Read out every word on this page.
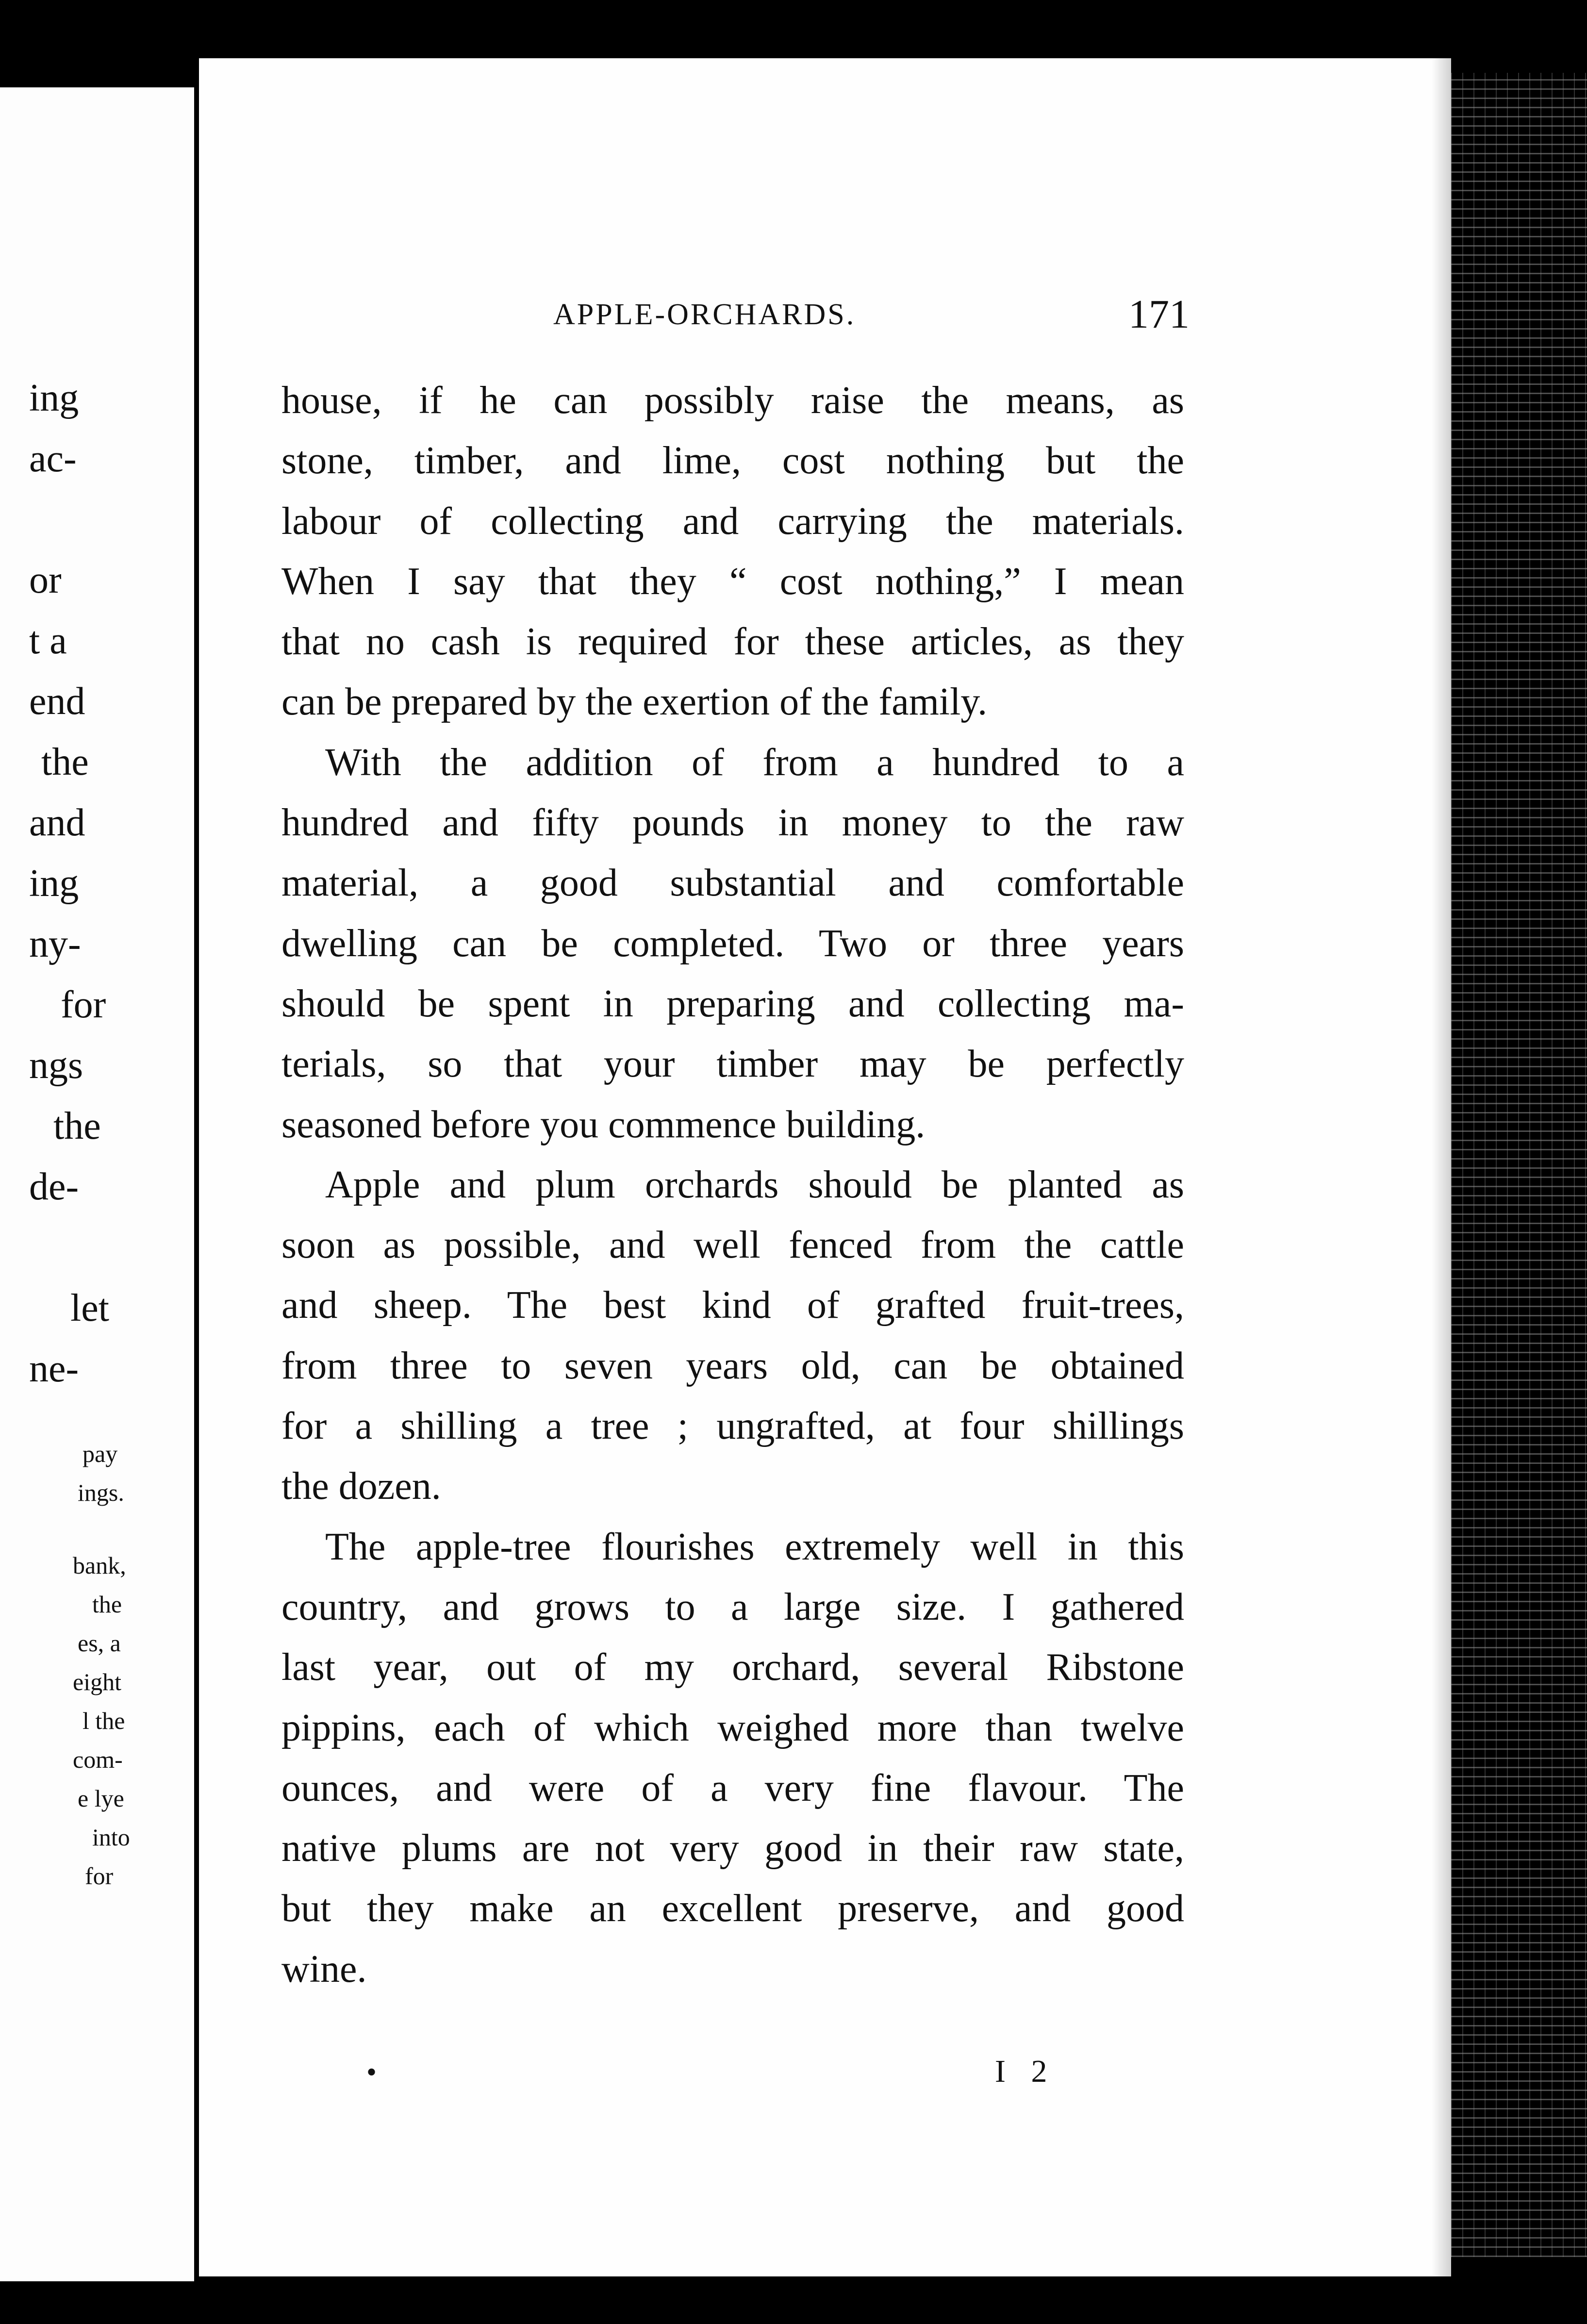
ing

ac-

or

t a

end

the

and

ing

ny-

for

ngs

the

de-

let

ne-

pay

ings.

bank,

the

es, a

eight

l the

com-

e lye

into

for

APPLE-ORCHARDS.	171

house, if he can possibly raise the means, as
stone, timber, and lime, cost nothing but the
labour of collecting and carrying the materials.
When I say that they “ cost nothing,” I mean
that no cash is required for these articles, as they
can be prepared by the exertion of the family.

With the addition of from a hundred to a
hundred and fifty pounds in money to the raw
material, a good substantial and comfortable
dwelling can be completed. Two or three years
should be spent in preparing and collecting ma-
terials, so that your timber may be perfectly
seasoned before you commence building.

Apple and plum orchards should be planted as
soon as possible, and well fenced from the cattle
and sheep. The best kind of grafted fruit-trees,
from three to seven years old, can be obtained
for a shilling a tree ; ungrafted, at four shillings
the dozen.

The apple-tree flourishes extremely well in this
country, and grows to a large size. I gathered
last year, out of my orchard, several Ribstone
pippins, each of which weighed more than twelve
ounces, and were of a very fine flavour. The
native plums are not very good in their raw state,
but they make an excellent preserve, and good
wine.

•	I 2
